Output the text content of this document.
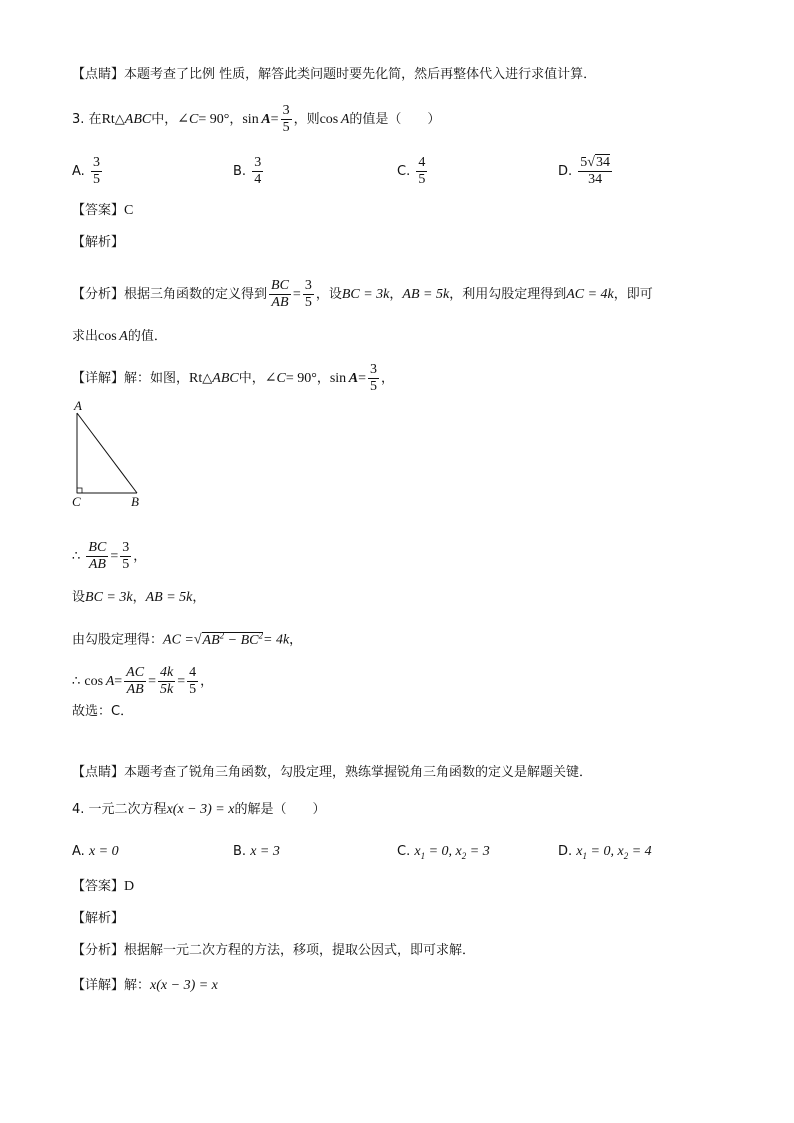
【点睛】本题考查了比例 性质，解答此类问题时要先化简，然后再整体代入进行求值计算．
3. 在Rt△ABC中，∠C= 90°，$\sin A= \frac{3}{5}$ ，则cos  A的值是（　　）
A. $\frac{3}{5}$	B. $\frac{3}{4}$	C. $\frac{4}{5}$	D. $\frac{5√34}{34}$
【答案】C
【解析】
【分析】根据三角函数的定义得到 $\frac{BC}{AB} = \frac{3}{5}$ ，设BC = 3k，AB = 5k，利用勾股定理得到AC = 4k，即可
求出cos  A的值．
【详解】解：如图，Rt△ABC中，∠C= 90°，$\sin A= \frac{3}{5}$ ，
A
C	B
∴ $\frac{BC}{AB} = \frac{3}{5}$ ，
设BC = 3k，AB = 5k，
由勾股定理得：AC $=√AB^2 - BC^2= 4k$，
∴ $\cos A= \frac{AC}{AB} = \frac{4k}{5k} = \frac{4}{5}$ ，
故选：C．
【点睛】本题考查了锐角三角函数，勾股定理，熟练掌握锐角三角函数的定义是解题关键．
4. 一元二次方程x(x − 3) = x的解是（　　）
A. x = 0	B. x = 3	C. $x_1 = 0$, $x_2 = 3$	D. $x_1 = 0$, $x_2 = 4$
【答案】D
【解析】
【分析】根据解一元二次方程的方法，移项，提取公因式，即可求解．
【详解】解：x(x − 3) = x
